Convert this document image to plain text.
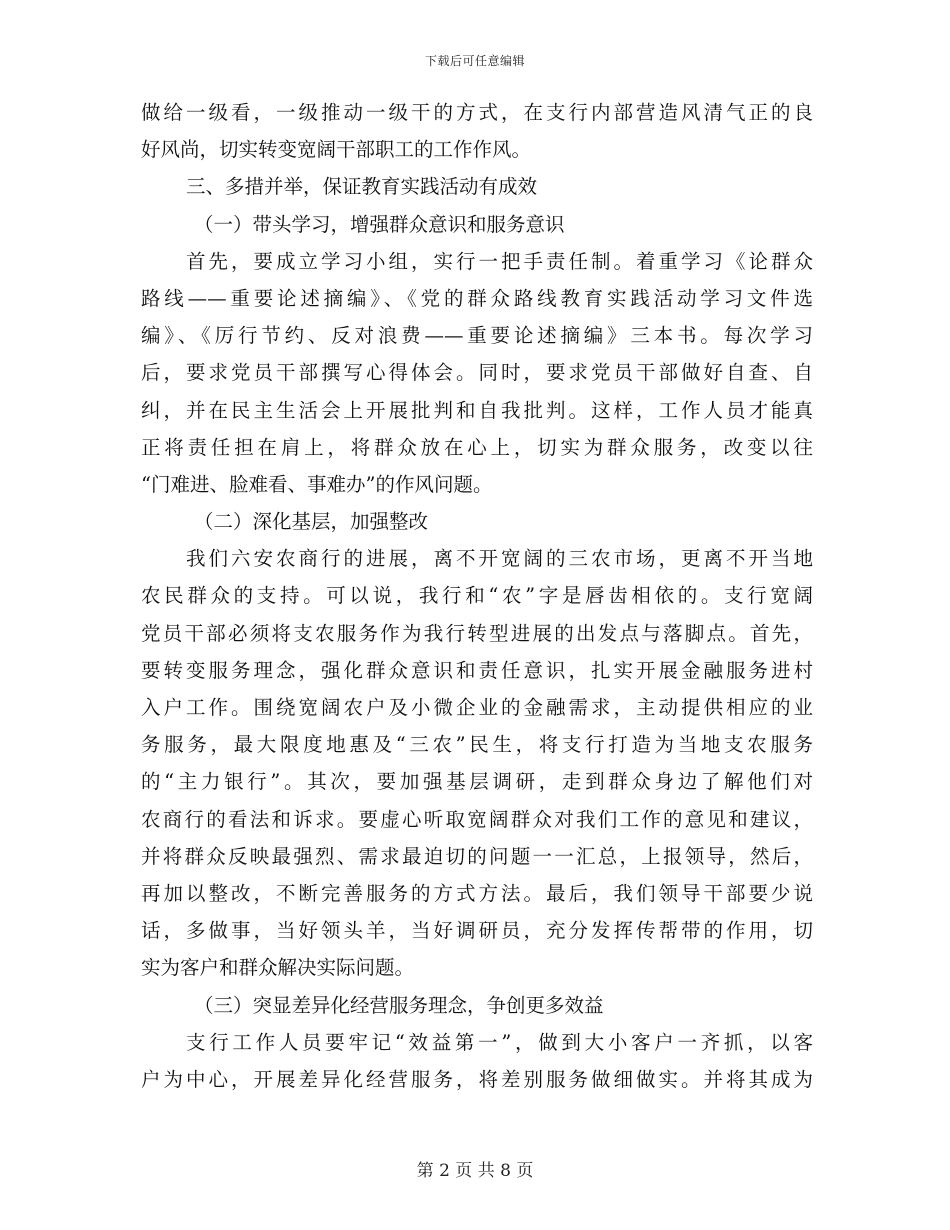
下载后可任意编辑
做给一级看，一级推动一级干的方式，在支行内部营造风清气正的良
好风尚，切实转变宽阔干部职工的工作作风。
三、多措并举，保证教育实践活动有成效
（一）带头学习，增强群众意识和服务意识
首先，要成立学习小组，实行一把手责任制。着重学习《论群众
路线——重要论述摘编》、《党的群众路线教育实践活动学习文件选
编》、《厉行节约、反对浪费——重要论述摘编》三本书。每次学习
后，要求党员干部撰写心得体会。同时，要求党员干部做好自查、自
纠，并在民主生活会上开展批判和自我批判。这样，工作人员才能真
正将责任担在肩上，将群众放在心上，切实为群众服务，改变以往
“门难进、脸难看、事难办”的作风问题。
（二）深化基层，加强整改
我们六安农商行的进展，离不开宽阔的三农市场，更离不开当地
农民群众的支持。可以说，我行和“农”字是唇齿相依的。支行宽阔
党员干部必须将支农服务作为我行转型进展的出发点与落脚点。首先，
要转变服务理念，强化群众意识和责任意识，扎实开展金融服务进村
入户工作。围绕宽阔农户及小微企业的金融需求，主动提供相应的业
务服务，最大限度地惠及“三农”民生，将支行打造为当地支农服务
的“主力银行”。其次，要加强基层调研，走到群众身边了解他们对
农商行的看法和诉求。要虚心听取宽阔群众对我们工作的意见和建议，
并将群众反映最强烈、需求最迫切的问题一一汇总，上报领导，然后，
再加以整改，不断完善服务的方式方法。最后，我们领导干部要少说
话，多做事，当好领头羊，当好调研员，充分发挥传帮带的作用，切
实为客户和群众解决实际问题。
（三）突显差异化经营服务理念，争创更多效益
支行工作人员要牢记“效益第一”，做到大小客户一齐抓，以客
户为中心，开展差异化经营服务，将差别服务做细做实。并将其成为
第 2 页 共 8 页
